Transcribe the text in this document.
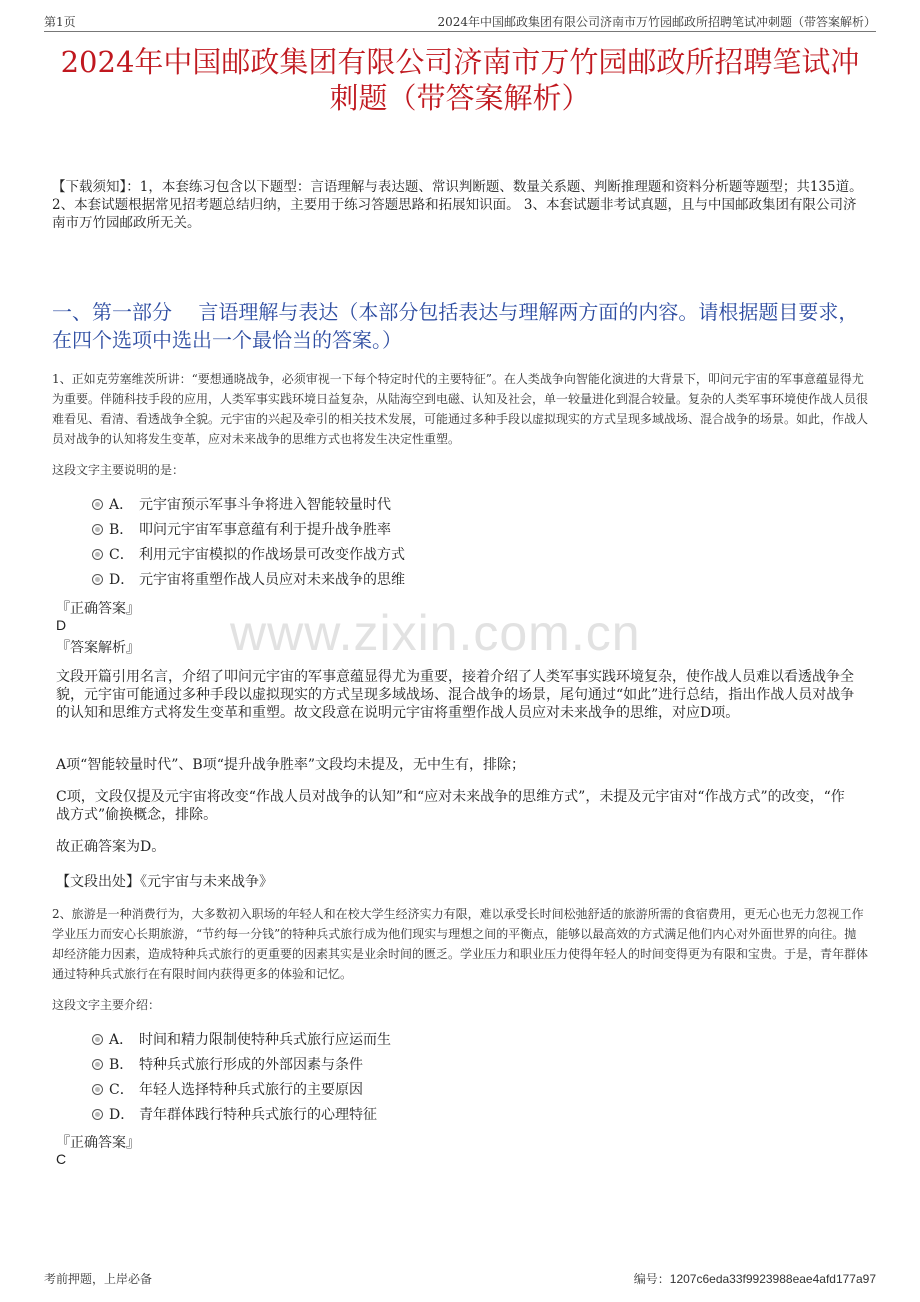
第1页	2024年中国邮政集团有限公司济南市万竹园邮政所招聘笔试冲刺题（带答案解析）
2024年中国邮政集团有限公司济南市万竹园邮政所招聘笔试冲
刺题（带答案解析）
【下载须知】：1，本套练习包含以下题型：言语理解与表达题、常识判断题、数量关系题、判断推理题和资料分析题等题型；共135道。 2、本套试题根据常见招考题总结归纳，主要用于练习答题思路和拓展知识面。 3、本套试题非考试真题，且与中国邮政集团有限公司济南市万竹园邮政所无关。
一、第一部分　 言语理解与表达（本部分包括表达与理解两方面的内容。请根据题目要求，在四个选项中选出一个最恰当的答案。）
www.zixin.com.cn
1、正如克劳塞维茨所讲：“要想通晓战争，必须审视一下每个特定时代的主要特征”。在人类战争向智能化演进的大背景下，叩问元宇宙的军事意蕴显得尤为重要。伴随科技手段的应用，人类军事实践环境日益复杂，从陆海空到电磁、认知及社会，单一较量进化到混合较量。复杂的人类军事环境使作战人员很难看见、看清、看透战争全貌。元宇宙的兴起及牵引的相关技术发展，可能通过多种手段以虚拟现实的方式呈现多域战场、混合战争的场景。如此，作战人员对战争的认知将发生变革，应对未来战争的思维方式也将发生决定性重塑。
这段文字主要说明的是：
A． 元宇宙预示军事斗争将进入智能较量时代
B． 叩问元宇宙军事意蕴有利于提升战争胜率
C． 利用元宇宙模拟的作战场景可改变作战方式
D． 元宇宙将重塑作战人员应对未来战争的思维
『正确答案』
D
『答案解析』
文段开篇引用名言，介绍了叩问元宇宙的军事意蕴显得尤为重要，接着介绍了人类军事实践环境复杂，使作战人员难以看透战争全貌，元宇宙可能通过多种手段以虚拟现实的方式呈现多域战场、混合战争的场景，尾句通过“如此”进行总结，指出作战人员对战争的认知和思维方式将发生变革和重塑。故文段意在说明元宇宙将重塑作战人员应对未来战争的思维，对应D项。
A项“智能较量时代”、B项“提升战争胜率”文段均未提及，无中生有，排除；
C项，文段仅提及元宇宙将改变“作战人员对战争的认知”和“应对未来战争的思维方式”，未提及元宇宙对“作战方式”的改变，“作战方式”偷换概念，排除。
故正确答案为D。
【文段出处】《元宇宙与未来战争》
2、旅游是一种消费行为，大多数初入职场的年轻人和在校大学生经济实力有限，难以承受长时间松弛舒适的旅游所需的食宿费用，更无心也无力忽视工作学业压力而安心长期旅游，“节约每一分钱”的特种兵式旅行成为他们现实与理想之间的平衡点，能够以最高效的方式满足他们内心对外面世界的向往。抛却经济能力因素，造成特种兵式旅行的更重要的因素其实是业余时间的匮乏。学业压力和职业压力使得年轻人的时间变得更为有限和宝贵。于是，青年群体通过特种兵式旅行在有限时间内获得更多的体验和记忆。
这段文字主要介绍：
A． 时间和精力限制使特种兵式旅行应运而生
B． 特种兵式旅行形成的外部因素与条件
C． 年轻人选择特种兵式旅行的主要原因
D． 青年群体践行特种兵式旅行的心理特征
『正确答案』
C
考前押题，上岸必备	编号：1207c6eda33f9923988eae4afd177a97
